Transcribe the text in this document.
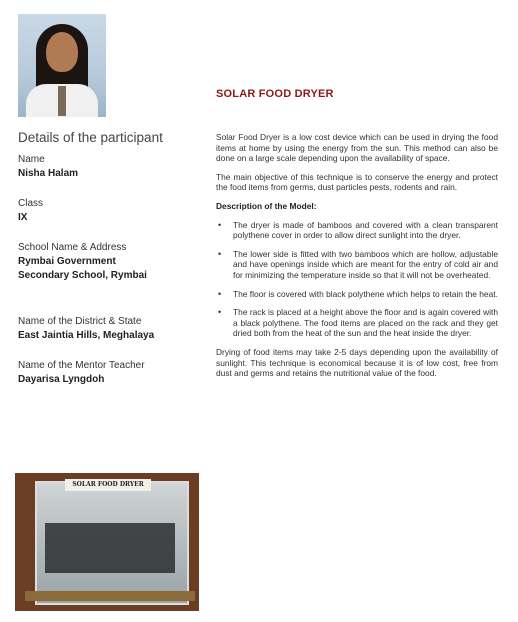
Details of the participant
Name
Nisha Halam
Class
IX
School Name & Address
Rymbai Government
Secondary School, Rymbai
Name of the District & State
East Jaintia Hills, Meghalaya
Name of the Mentor Teacher
Dayarisa Lyngdoh
SOLAR FOOD DRYER

Solar Food Dryer is a low cost device which can be used in drying the food items at home by using the energy from the sun. This method can also be done on a large scale depending upon the availability of space.

The main objective of this technique is to conserve the energy and protect the food items from germs, dust particles pests, rodents and rain.

Description of the Model:

• The dryer is made of bamboos and covered with a clean transparent polythene cover in order to allow direct sunlight into the dryer.
• The lower side is fitted with two bamboos which are hollow, adjustable and have openings inside which are meant for the entry of cold air and for minimizing the temperature inside so that it will not be overheated.
• The floor is covered with black polythene which helps to retain the heat.
• The rack is placed at a height above the floor and is again covered with a black polythene. The food items are placed on the rack and they get dried both from the heat of the sun and the heat inside the dryer.

Drying of food items may take 2-5 days depending upon the availability of sunlight. This technique is economical because it is of low cost, free from dust and germs and retains the nutritional value of the food.

SOLAR FOOD DRYER
